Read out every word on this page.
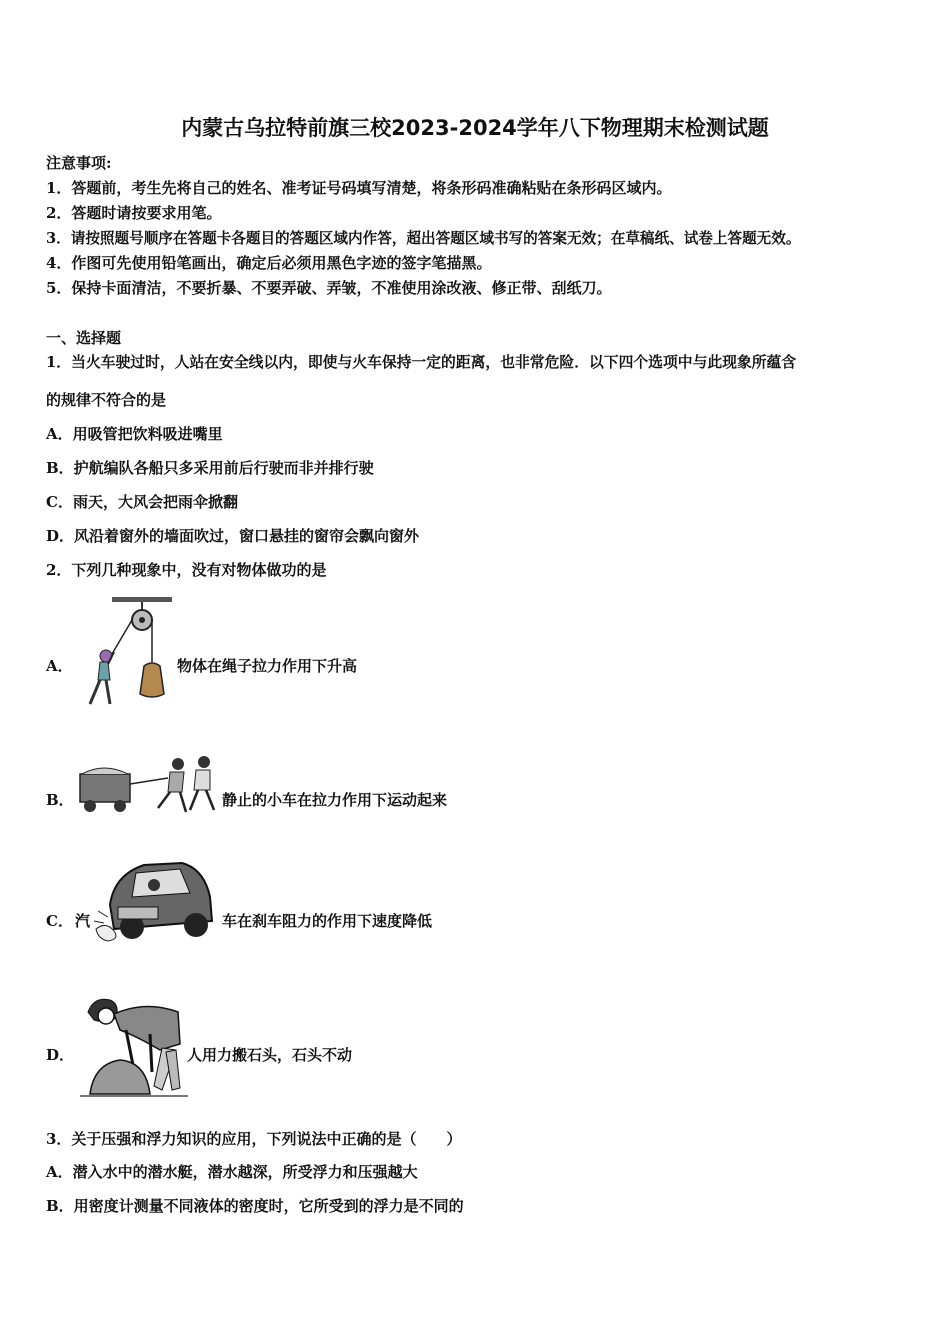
内蒙古乌拉特前旗三校2023-2024学年八下物理期末检测试题
注意事项:
1．答题前，考生先将自己的姓名、准考证号码填写清楚，将条形码准确粘贴在条形码区域内。
2．答题时请按要求用笔。
3．请按照题号顺序在答题卡各题目的答题区域内作答，超出答题区域书写的答案无效；在草稿纸、试卷上答题无效。
4．作图可先使用铅笔画出，确定后必须用黑色字迹的签字笔描黑。
5．保持卡面清洁，不要折暴、不要弄破、弄皱，不准使用涂改液、修正带、刮纸刀。
一、选择题
1．当火车驶过时，人站在安全线以内，即使与火车保持一定的距离，也非常危险．以下四个选项中与此现象所蕴含
的规律不符合的是
A．用吸管把饮料吸进嘴里
B．护航编队各船只多采用前后行驶而非并排行驶
C．雨天，大风会把雨伞掀翻
D．风沿着窗外的墙面吹过，窗口悬挂的窗帘会飘向窗外
2．下列几种现象中，没有对物体做功的是
A．	物体在绳子拉力作用下升高
B．	静止的小车在拉力作用下运动起来
C． 汽	车在刹车阻力的作用下速度降低
D．	人用力搬石头，石头不动
3．关于压强和浮力知识的应用，下列说法中正确的是（　　）
A．潜入水中的潜水艇，潜水越深，所受浮力和压强越大
B．用密度计测量不同液体的密度时，它所受到的浮力是不同的
